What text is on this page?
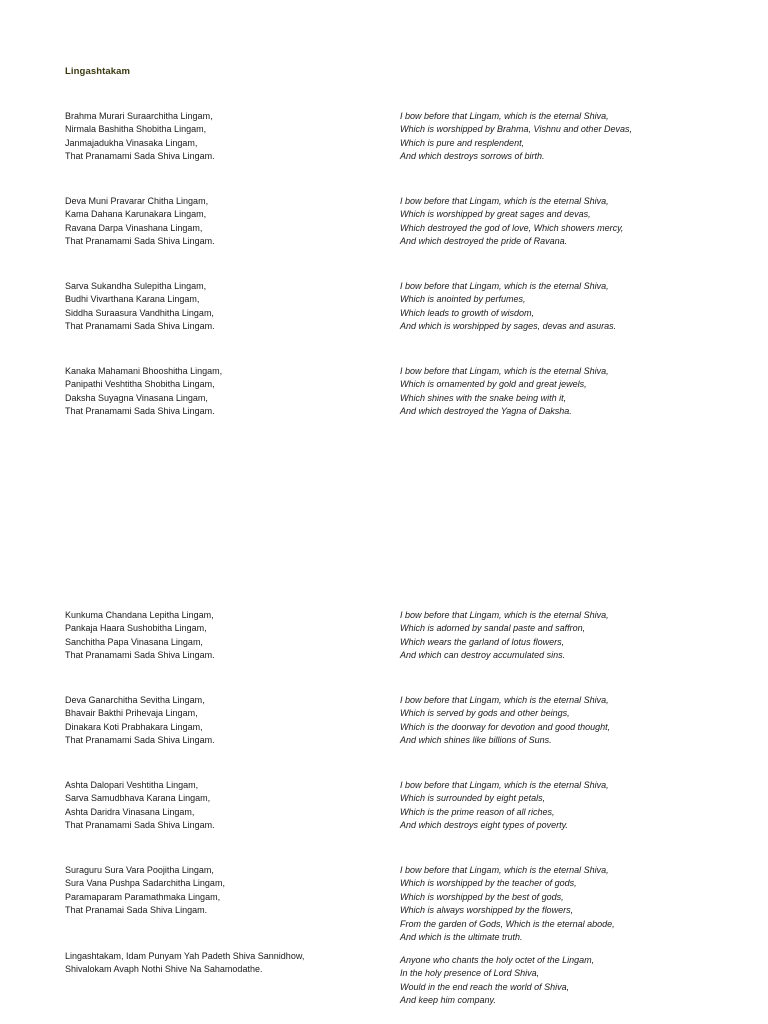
Lingashtakam
Brahma Murari Suraarchitha Lingam,
Nirmala Bashitha Shobitha Lingam,
Janmajadukha Vinasaka Lingam,
That Pranamami Sada Shiva Lingam.
I bow before that Lingam, which is the eternal Shiva,
Which is worshipped by Brahma, Vishnu and other Devas,
Which is pure and resplendent,
And which destroys sorrows of birth.
Deva Muni Pravarar Chitha Lingam,
Kama Dahana Karunakara Lingam,
Ravana Darpa Vinashana Lingam,
That Pranamami Sada Shiva Lingam.
I bow before that Lingam, which is the eternal Shiva,
Which is worshipped by great sages and devas,
Which destroyed the god of love, Which showers mercy,
And which destroyed the pride of Ravana.
Sarva Sukandha Sulepitha Lingam,
Budhi Vivarthana Karana Lingam,
Siddha Suraasura Vandhitha Lingam,
That Pranamami Sada Shiva Lingam.
I bow before that Lingam, which is the eternal Shiva,
Which is anointed by perfumes,
Which leads to growth of wisdom,
And which is worshipped by sages, devas and asuras.
Kanaka Mahamani Bhooshitha Lingam,
Panipathi Veshtitha Shobitha Lingam,
Daksha Suyagna Vinasana Lingam,
That Pranamami Sada Shiva Lingam.
I bow before that Lingam, which is the eternal Shiva,
Which is ornamented by gold and great jewels,
Which shines with the snake being with it,
And which destroyed the Yagna of Daksha.
Kunkuma Chandana Lepitha Lingam,
Pankaja Haara Sushobitha Lingam,
Sanchitha Papa Vinasana Lingam,
That Pranamami Sada Shiva Lingam.
I bow before that Lingam, which is the eternal Shiva,
Which is adorned by sandal paste and saffron,
Which wears the garland of lotus flowers,
And which can destroy accumulated sins.
Deva Ganarchitha Sevitha Lingam,
Bhavair Bakthi Prihevaja Lingam,
Dinakara Koti Prabhakara Lingam,
That Pranamami Sada Shiva Lingam.
I bow before that Lingam, which is the eternal Shiva,
Which is served by gods and other beings,
Which is the doorway for devotion and good thought,
And which shines like billions of Suns.
Ashta Dalopari Veshtitha Lingam,
Sarva Samudbhava Karana Lingam,
Ashta Daridra Vinasana Lingam,
That Pranamami Sada Shiva Lingam.
I bow before that Lingam, which is the eternal Shiva,
Which is surrounded by eight petals,
Which is the prime reason of all riches,
And which destroys eight types of poverty.
Suraguru Sura Vara Poojitha Lingam,
Sura Vana Pushpa Sadarchitha Lingam,
Paramaparam Paramathmaka Lingam,
That Pranamai Sada Shiva Lingam.
I bow before that Lingam, which is the eternal Shiva,
Which is worshipped by the teacher of gods,
Which is worshipped by the best of gods,
Which is always worshipped by the flowers,
From the garden of Gods, Which is the eternal abode,
And which is the ultimate truth.
Lingashtakam, Idam Punyam Yah Padeth Shiva Sannidhow,
Shivalokam Avaph Nothi Shive Na Sahamodathe.
Anyone who chants the holy octet of the Lingam,
In the holy presence of Lord Shiva,
Would in the end reach the world of Shiva,
And keep him company.
